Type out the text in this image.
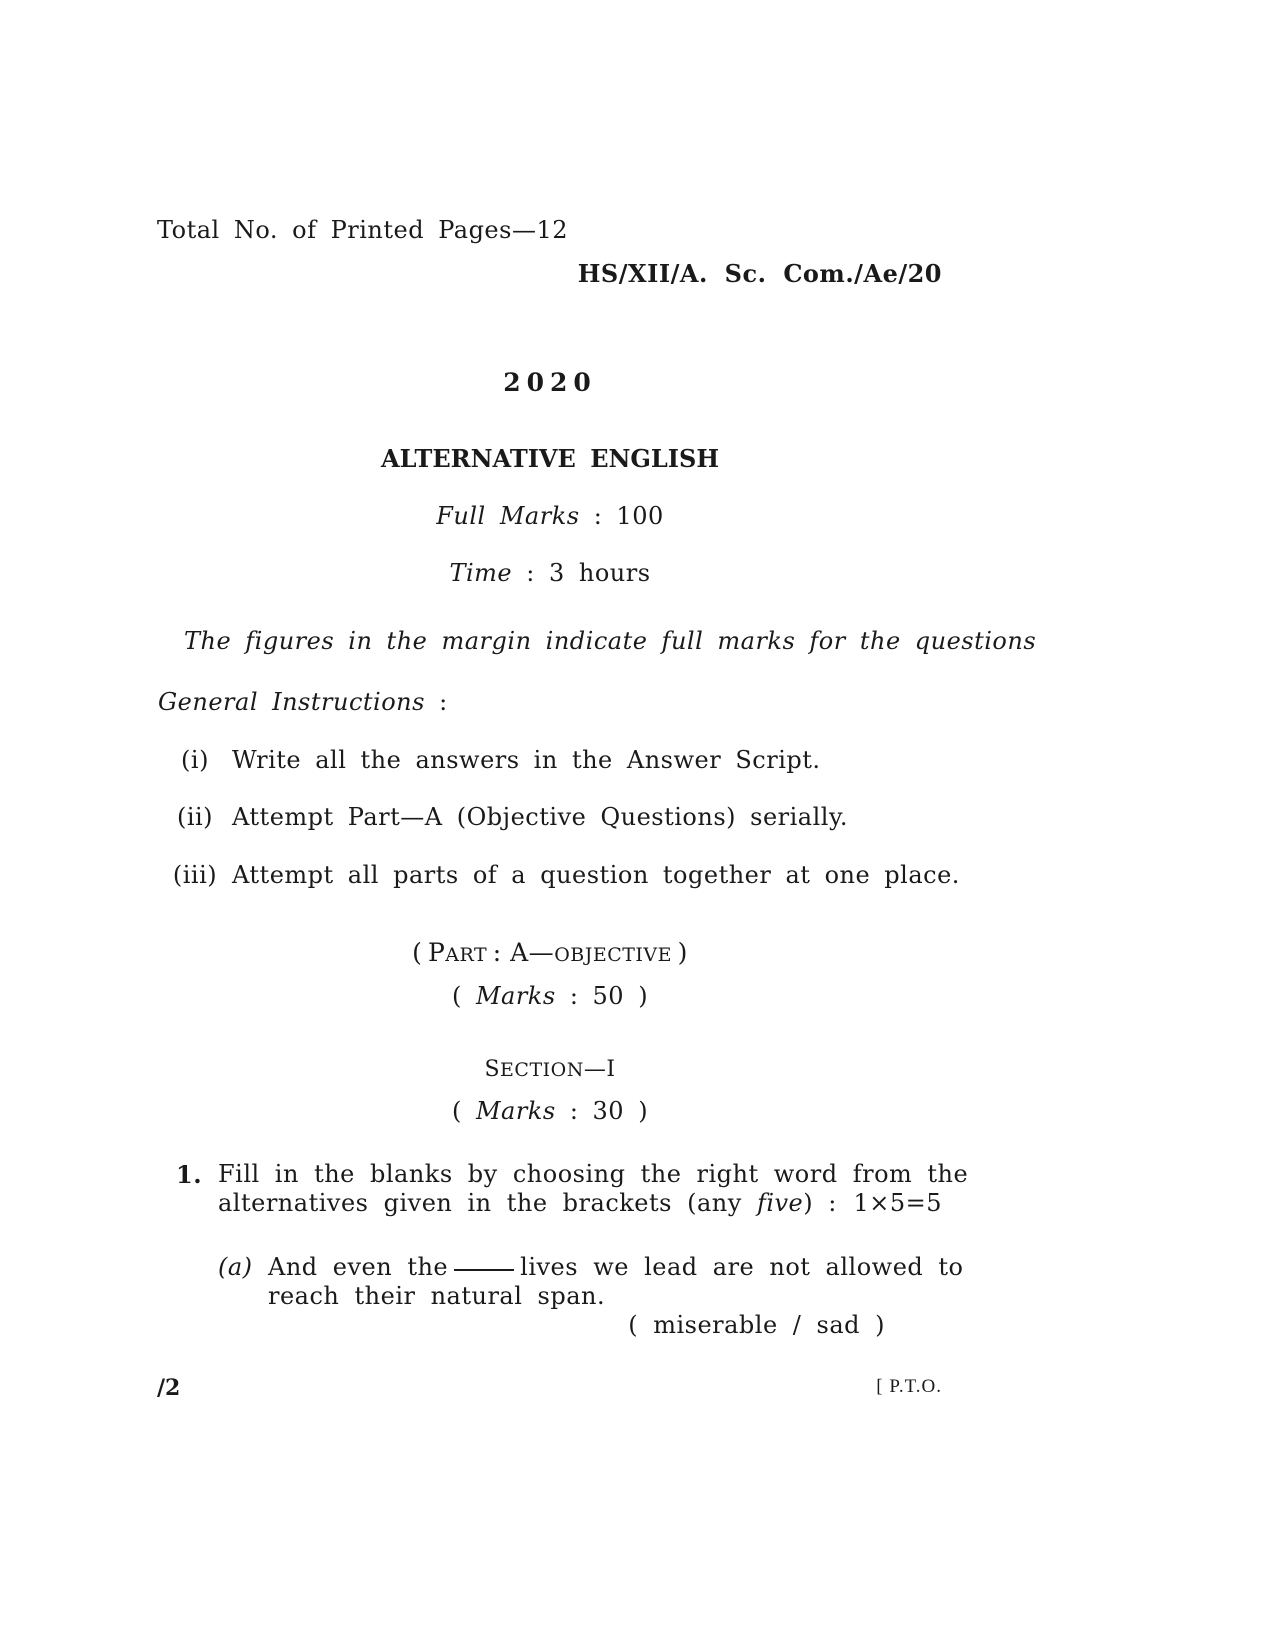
Total No. of Printed Pages—12
HS/XII/A. Sc. Com./Ae/20
2020
ALTERNATIVE ENGLISH
Full Marks : 100
Time : 3 hours
The figures in the margin indicate full marks for the questions
General Instructions :
(i) Write all the answers in the Answer Script.
(ii) Attempt Part—A (Objective Questions) serially.
(iii) Attempt all parts of a question together at one place.
( PART : A—OBJECTIVE )
( Marks : 50 )
SECTION—I
( Marks : 30 )
1. Fill in the blanks by choosing the right word from the
alternatives given in the brackets (any five) : 1×5=5
(a) And even the	lives we lead are not allowed to
reach their natural span.
( miserable / sad )
/2	[ P.T.O.
